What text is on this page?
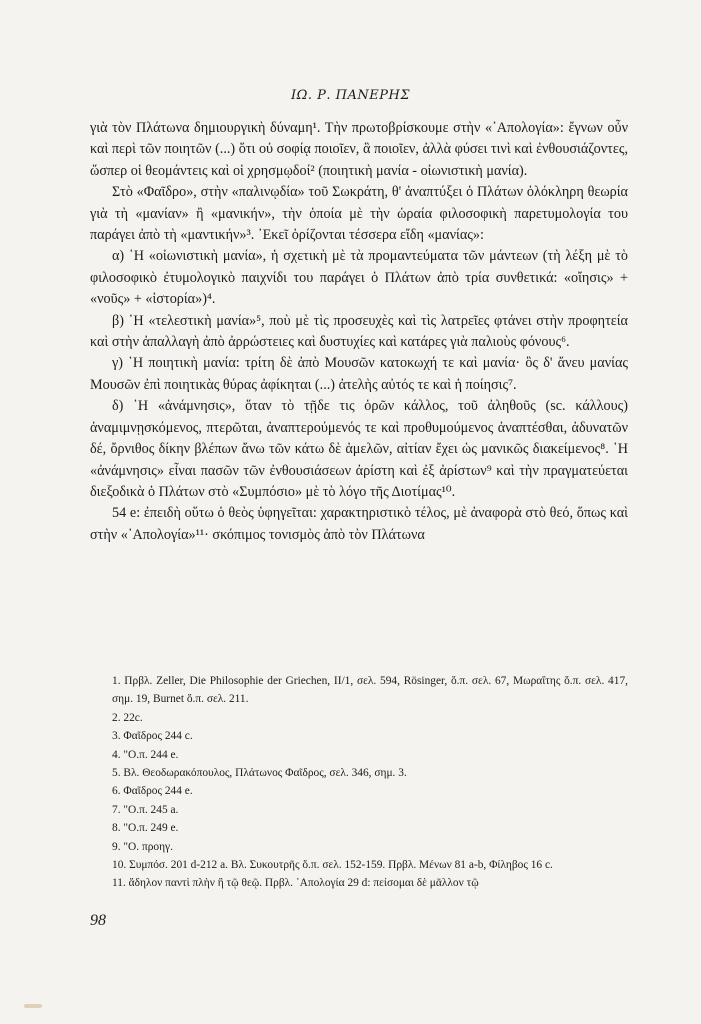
ΙΩ. Ρ. ΠΑΝΕΡΗΣ

γιὰ τὸν Πλάτωνα δημιουργικὴ δύναμη¹. Τὴν πρωτοβρίσκουμε στὴν «᾿Απολογία»: ἔγνων οὖν καὶ περὶ τῶν ποιητῶν (...) ὅτι οὐ σοφίᾳ ποιοῖεν, ἃ ποιοῖεν, ἀλλὰ φύσει τινὶ καὶ ἐνθουσιάζοντες, ὥσπερ οἱ θεομάντεις καὶ οἱ χρησμῳδοί² (ποιητικὴ μανία - οἰωνιστικὴ μανία).

Στὸ «Φαῖδρο», στὴν «παλινῳδία» τοῦ Σωκράτη, θ' ἀναπτύξει ὁ Πλάτων ὁλόκληρη θεωρία γιὰ τὴ «μανίαν» ἢ «μανικήν», τὴν ὁποία μὲ τὴν ὡραία φιλοσοφικὴ παρετυμολογία του παράγει ἀπὸ τὴ «μαντικήν»³. ᾿Εκεῖ ὁρίζονται τέσσερα εἴδη «μανίας»:

α) ῾Η «οἰωνιστικὴ μανία», ἡ σχετικὴ μὲ τὰ προμαντεύματα τῶν μάντεων (τὴ λέξη μὲ τὸ φιλοσοφικὸ ἐτυμολογικὸ παιχνίδι του παράγει ὁ Πλάτων ἀπὸ τρία συνθετικά: «οἴησις» + «νοῦς» + «ἱστορία»)⁴.

β) ῾Η «τελεστικὴ μανία»⁵, ποὺ μὲ τὶς προσευχὲς καὶ τὶς λατρεῖες φτάνει στὴν προφητεία καὶ στὴν ἀπαλλαγὴ ἀπὸ ἀρρώστειες καὶ δυστυχίες καὶ κατάρες γιὰ παλιοὺς φόνους⁶.

γ) ῾Η ποιητικὴ μανία: τρίτη δὲ ἀπὸ Μουσῶν κατοκωχή τε καὶ μανία· ὃς δ' ἄνευ μανίας Μουσῶν ἐπὶ ποιητικὰς θύρας ἀφίκηται (...) ἀτελὴς αὐτός τε καὶ ἡ ποίησις⁷.

δ) ῾Η «ἀνάμνησις», ὅταν τὸ τῇδε τις ὁρῶν κάλλος, τοῦ ἀληθοῦς (sc. κάλλους) ἀναμιμνῃσκόμενος, πτερῶται, ἀναπτερούμενός τε καὶ προθυμούμενος ἀναπτέσθαι, ἀδυνατῶν δέ, ὄρνιθος δίκην βλέπων ἄνω τῶν κάτω δὲ ἀμελῶν, αἰτίαν ἔχει ὡς μανικῶς διακείμενος⁸. ῾Η «ἀνάμνησις» εἶναι πασῶν τῶν ἐνθουσιάσεων ἀρίστη καὶ ἐξ ἀρίστων⁹ καὶ τὴν πραγματεύεται διεξοδικὰ ὁ Πλάτων στὸ «Συμπόσιο» μὲ τὸ λόγο τῆς Διοτίμας¹⁰.

54 e: ἐπειδὴ οὕτω ὁ θεὸς ὑφηγεῖται: χαρακτηριστικὸ τέλος, μὲ ἀναφορὰ στὸ θεό, ὅπως καὶ στὴν «᾿Απολογία»¹¹· σκόπιμος τονισμὸς ἀπὸ τὸν Πλάτωνα

1. Πρβλ. Zeller, Die Philosophie der Griechen, II/1, σελ. 594, Rösinger, ὅ.π. σελ. 67, Μωραΐτης ὅ.π. σελ. 417, σημ. 19, Burnet ὅ.π. σελ. 211.

2. 22c.

3. Φαῖδρος 244 c.

4. "Ο.π. 244 e.

5. Βλ. Θεοδωρακόπουλος, Πλάτωνος Φαῖδρος, σελ. 346, σημ. 3.

6. Φαῖδρος 244 e.

7. "Ο.π. 245 a.

8. "Ο.π. 249 e.

9. "Ο. προηγ.

10. Συμπόσ. 201 d-212 a. Βλ. Συκουτρῆς ὅ.π. σελ. 152-159. Πρβλ. Μένων 81 a-b, Φίληβος 16 c.

11. ἄδηλον παντὶ πλὴν ἢ τῷ θεῷ. Πρβλ. ᾿Απολογία 29 d: πείσομαι δὲ μᾶλλον τῷ

98
